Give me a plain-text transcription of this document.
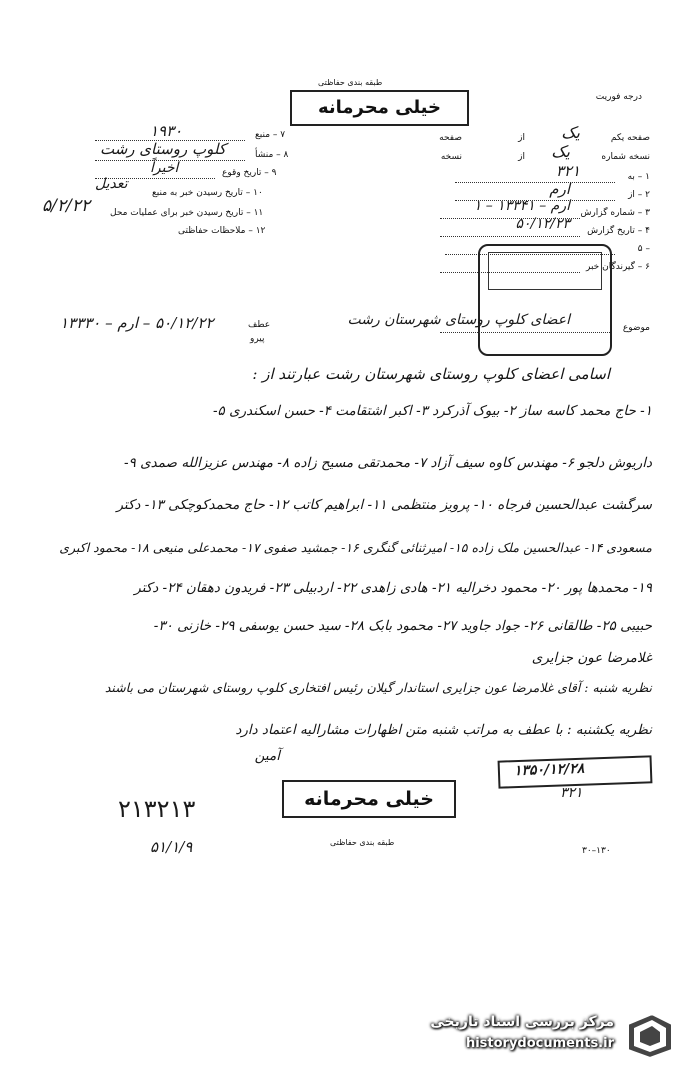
درجه فوریت
طبقه بندی حفاظتی
خیلی محرمانه
صفحه یکم
یک
از
صفحه
نسخه شماره
یک
از
نسخه
۱ – به
۳۲۱
۲ – از
ارم
۳ – شماره گزارش
ارم – ۱۳۳۴۱ – ۱
۴ – تاریخ گزارش
۵۰/۱۲/۲۳
۵ –
۶ – گیرندگان خبر
۷ – منبع
۱۹۳۰
۸ – منشأ
کلوپ روستای رشت
۹ – تاریخ وقوع
اخیراً
۱۰ – تاریخ رسیدن خبر به منبع
تعدیل
۱۱ – تاریخ رسیدن خبر برای عملیات محل
۵/۲/۲۲
۱۲ – ملاحظات حفاظتی
موضوع
اعضای کلوپ روستای شهرستان رشت
عطف
پیرو
۵۰/۱۲/۲۲ – ارم – ۱۳۳۳۰
اسامی اعضای کلوپ روستای شهرستان رشت عبارتند از :
۱- حاج محمد کاسه ساز ۲- بیوک آذرکرد ۳- اکبر اشتقامت ۴- حسن اسکندری ۵-
داریوش دلجو ۶- مهندس کاوه سیف آزاد ۷- محمدتقی مسیح زاده ۸- مهندس عزیزالله صمدی ۹-
سرگشت عبدالحسین فرجاه ۱۰- پرویز منتظمی ۱۱- ابراهیم کاتب ۱۲- حاج محمدکوچکی ۱۳- دکتر
مسعودی ۱۴- عبدالحسین ملک زاده ۱۵- امیرثنائی گنگری ۱۶- جمشید صفوی ۱۷- محمدعلی منیعی ۱۸- محمود اکبری
۱۹- محمدها پور ۲۰- محمود دخرالیه ۲۱- هادی زاهدی ۲۲- اردبیلی ۲۳- فریدون دهقان ۲۴- دکتر
حبیبی ۲۵- طالقانی ۲۶- جواد جاوید ۲۷- محمود بابک ۲۸- سید حسن یوسفی ۲۹- خازنی ۳۰-
غلامرضا عون جزایری
نظریه شنبه : آقای غلامرضا عون جزایری استاندار گیلان رئیس افتخاری کلوپ روستای شهرستان می باشند
نظریه یکشنبه : با عطف به مراتب شنبه متن اظهارات مشارالیه اعتماد دارد
آمین
۱۳۵۰/۱۲/۲۸
۳۲۱
خیلی محرمانه
طبقه بندی حفاظتی
۲۱۳۲۱۳
۵۱/۱/۹	۳۰–۱۳۰
مرکز بررسی اسناد تاریخی
historydocuments.ir
